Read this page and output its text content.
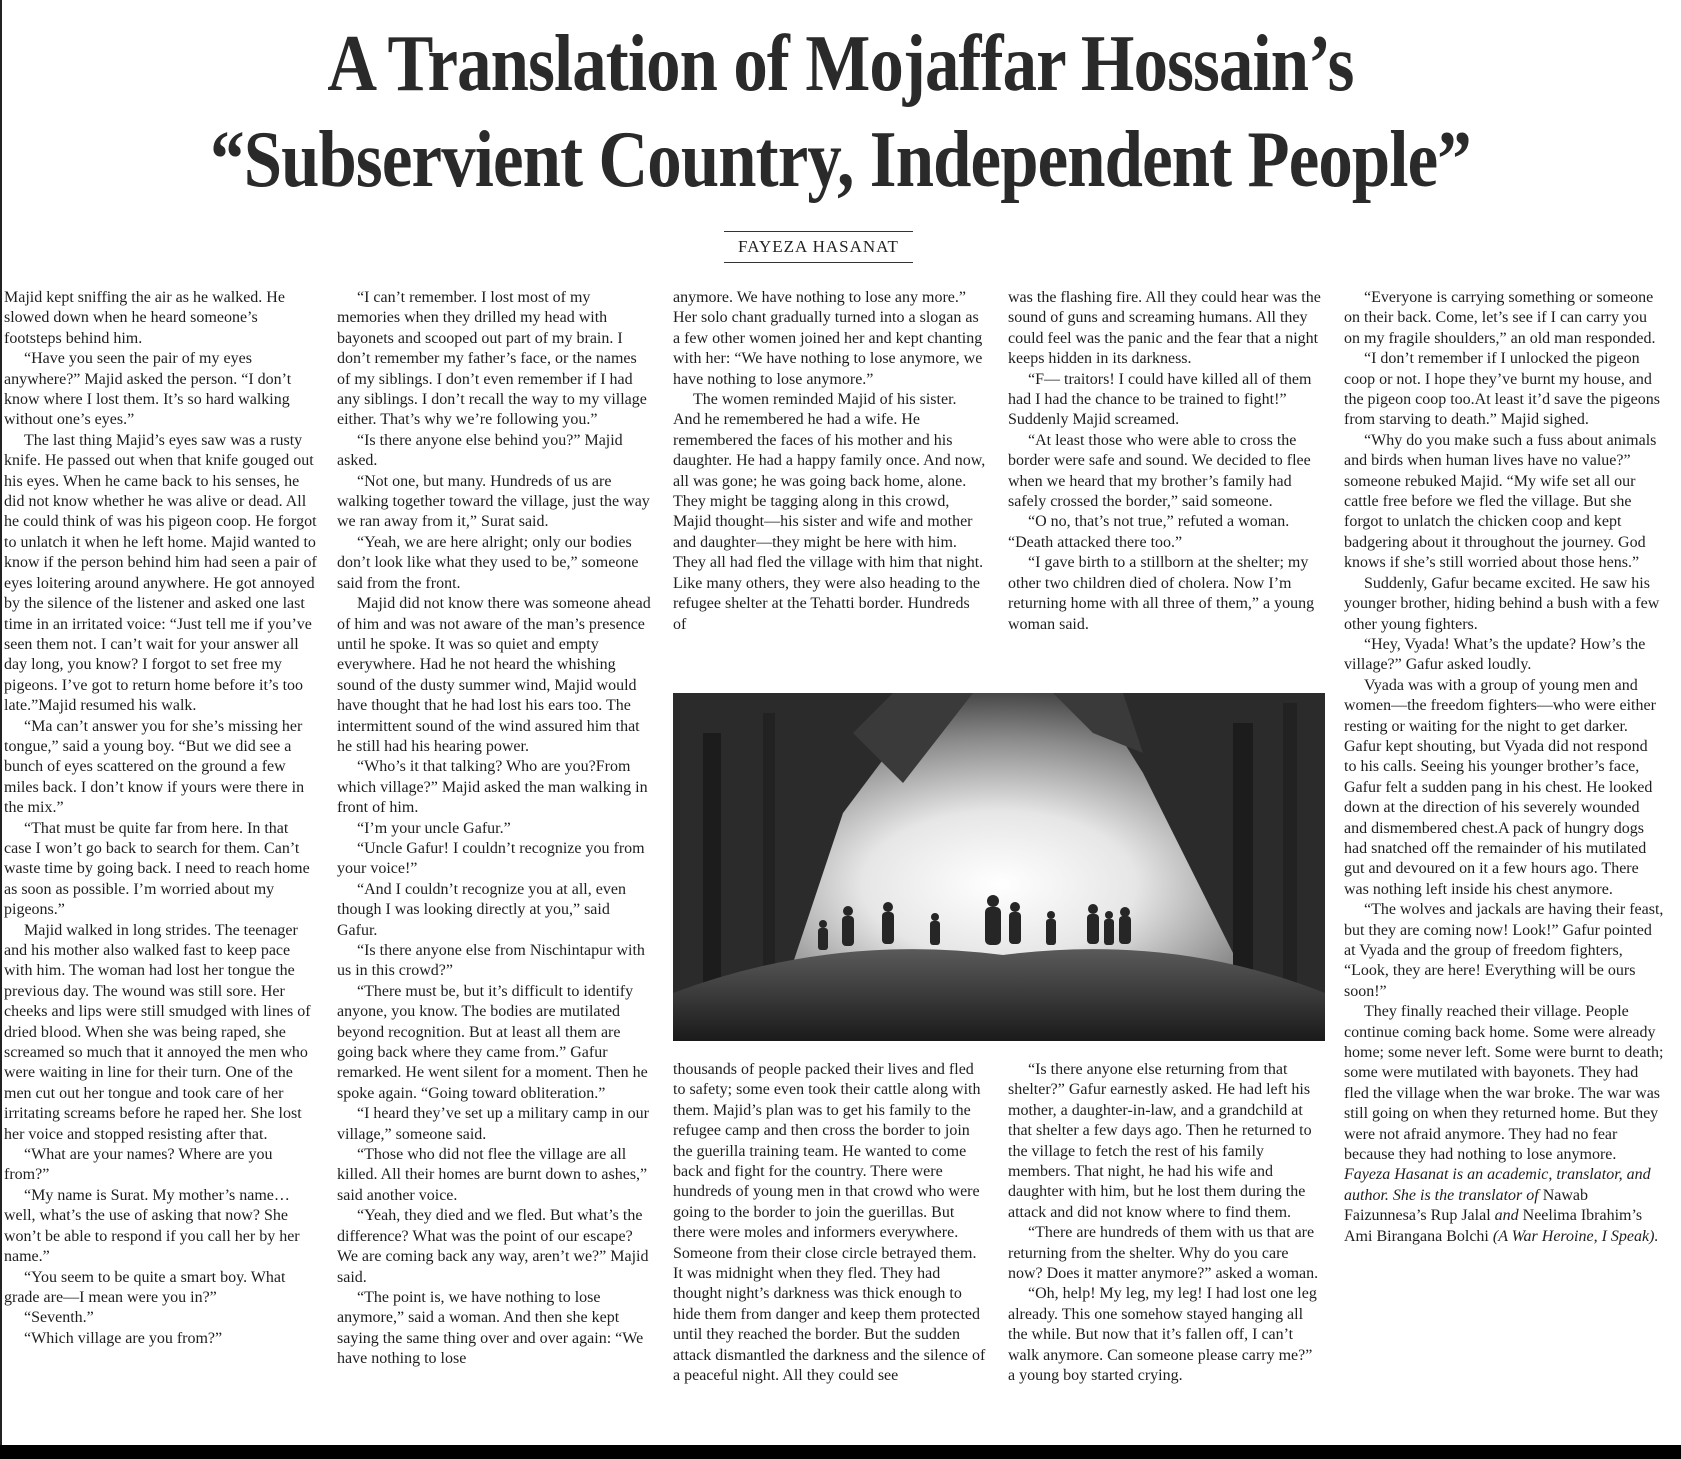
A Translation of Mojaffar Hossain’s
“Subservient Country, Independent People”
FAYEZA HASANAT

Majid kept sniffing the air as he walked. He slowed down when he heard someone’s footsteps behind him.

“Have you seen the pair of my eyes anywhere?” Majid asked the person. “I don’t know where I lost them. It’s so hard walking without one’s eyes.”

The last thing Majid’s eyes saw was a rusty knife. He passed out when that knife gouged out his eyes. When he came back to his senses, he did not know whether he was alive or dead. All he could think of was his pigeon coop. He forgot to unlatch it when he left home. Majid wanted to know if the person behind him had seen a pair of eyes loitering around anywhere. He got annoyed by the silence of the listener and asked one last time in an irritated voice: “Just tell me if you’ve seen them not. I can’t wait for your answer all day long, you know? I forgot to set free my pigeons. I’ve got to return home before it’s too late.”Majid resumed his walk.

“Ma can’t answer you for she’s missing her tongue,” said a young boy. “But we did see a bunch of eyes scattered on the ground a few miles back. I don’t know if yours were there in the mix.”

“That must be quite far from here. In that case I won’t go back to search for them. Can’t waste time by going back. I need to reach home as soon as possible. I’m worried about my pigeons.”

Majid walked in long strides. The teenager and his mother also walked fast to keep pace with him. The woman had lost her tongue the previous day. The wound was still sore. Her cheeks and lips were still smudged with lines of dried blood. When she was being raped, she screamed so much that it annoyed the men who were waiting in line for their turn. One of the men cut out her tongue and took care of her irritating screams before he raped her. She lost her voice and stopped resisting after that.

“What are your names? Where are you from?”

“My name is Surat. My mother’s name… well, what’s the use of asking that now? She won’t be able to respond if you call her by her name.”

“You seem to be quite a smart boy. What grade are—I mean were you in?”

“Seventh.”

“Which village are you from?”

“I can’t remember. I lost most of my memories when they drilled my head with bayonets and scooped out part of my brain. I don’t remember my father’s face, or the names of my siblings. I don’t even remember if I had any siblings. I don’t recall the way to my village either. That’s why we’re following you.”

“Is there anyone else behind you?” Majid asked.

“Not one, but many. Hundreds of us are walking together toward the village, just the way we ran away from it,” Surat said.

“Yeah, we are here alright; only our bodies don’t look like what they used to be,” someone said from the front.

Majid did not know there was someone ahead of him and was not aware of the man’s presence until he spoke. It was so quiet and empty everywhere. Had he not heard the whishing sound of the dusty summer wind, Majid would have thought that he had lost his ears too. The intermittent sound of the wind assured him that he still had his hearing power.

“Who’s it that talking? Who are you?From which village?” Majid asked the man walking in front of him.

“I’m your uncle Gafur.”

“Uncle Gafur! I couldn’t recognize you from your voice!”

“And I couldn’t recognize you at all, even though I was looking directly at you,” said Gafur.

“Is there anyone else from Nischintapur with us in this crowd?”

“There must be, but it’s difficult to identify anyone, you know. The bodies are mutilated beyond recognition. But at least all them are going back where they came from.” Gafur remarked. He went silent for a moment. Then he spoke again. “Going toward obliteration.”

“I heard they’ve set up a military camp in our village,” someone said.

“Those who did not flee the village are all killed. All their homes are burnt down to ashes,” said another voice.

“Yeah, they died and we fled. But what’s the difference? What was the point of our escape? We are coming back any way, aren’t we?” Majid said.

“The point is, we have nothing to lose anymore,” said a woman. And then she kept saying the same thing over and over again: “We have nothing to lose

anymore. We have nothing to lose any more.” Her solo chant gradually turned into a slogan as a few other women joined her and kept chanting with her: “We have nothing to lose anymore, we have nothing to lose anymore.”

The women reminded Majid of his sister. And he remembered he had a wife. He remembered the faces of his mother and his daughter. He had a happy family once. And now, all was gone; he was going back home, alone. They might be tagging along in this crowd, Majid thought—his sister and wife and mother and daughter—they might be here with him. They all had fled the village with him that night. Like many others, they were also heading to the refugee shelter at the Tehatti border. Hundreds of

was the flashing fire. All they could hear was the sound of guns and screaming humans. All they could feel was the panic and the fear that a night keeps hidden in its darkness.

“F— traitors! I could have killed all of them had I had the chance to be trained to fight!” Suddenly Majid screamed.

“At least those who were able to cross the border were safe and sound. We decided to flee when we heard that my brother’s family had safely crossed the border,” said someone.

“O no, that’s not true,” refuted a woman. “Death attacked there too.”

“I gave birth to a stillborn at the shelter; my other two children died of cholera. Now I’m returning home with all three of them,” a young woman said.

“Everyone is carrying something or someone on their back. Come, let’s see if I can carry you on my fragile shoulders,” an old man responded.

“I don’t remember if I unlocked the pigeon coop or not. I hope they’ve burnt my house, and the pigeon coop too.At least it’d save the pigeons from starving to death.” Majid sighed.

“Why do you make such a fuss about animals and birds when human lives have no value?” someone rebuked Majid. “My wife set all our cattle free before we fled the village. But she forgot to unlatch the chicken coop and kept badgering about it throughout the journey. God knows if she’s still worried about those hens.”

Suddenly, Gafur became excited. He saw his younger brother, hiding behind a bush with a few other young fighters.

“Hey, Vyada! What’s the update? How’s the village?” Gafur asked loudly.

Vyada was with a group of young men and women—the freedom fighters—who were either resting or waiting for the night to get darker. Gafur kept shouting, but Vyada did not respond to his calls. Seeing his younger brother’s face, Gafur felt a sudden pang in his chest. He looked down at the direction of his severely wounded and dismembered chest.A pack of hungry dogs had snatched off the remainder of his mutilated gut and devoured on it a few hours ago. There was nothing left inside his chest anymore.

“The wolves and jackals are having their feast, but they are coming now! Look!” Gafur pointed at Vyada and the group of freedom fighters, “Look, they are here! Everything will be ours soon!”

They finally reached their village. People continue coming back home. Some were already home; some never left. Some were burnt to death; some were mutilated with bayonets. They had fled the village when the war broke. The war was still going on when they returned home. But they were not afraid anymore. They had no fear because they had nothing to lose anymore.

Fayeza Hasanat is an academic, translator, and author. She is the translator of Nawab Faizunnesa’s Rup Jalal and Neelima Ibrahim’s Ami Birangana Bolchi (A War Heroine, I Speak).

thousands of people packed their lives and fled to safety; some even took their cattle along with them. Majid’s plan was to get his family to the refugee camp and then cross the border to join the guerilla training team. He wanted to come back and fight for the country. There were hundreds of young men in that crowd who were going to the border to join the guerillas. But there were moles and informers everywhere. Someone from their close circle betrayed them. It was midnight when they fled. They had thought night’s darkness was thick enough to hide them from danger and keep them protected until they reached the border. But the sudden attack dismantled the darkness and the silence of a peaceful night. All they could see

“Is there anyone else returning from that shelter?” Gafur earnestly asked. He had left his mother, a daughter-in-law, and a grandchild at that shelter a few days ago. Then he returned to the village to fetch the rest of his family members. That night, he had his wife and daughter with him, but he lost them during the attack and did not know where to find them.

“There are hundreds of them with us that are returning from the shelter. Why do you care now? Does it matter anymore?” asked a woman.

“Oh, help! My leg, my leg! I had lost one leg already. This one somehow stayed hanging all the while. But now that it’s fallen off, I can’t walk anymore. Can someone please carry me?” a young boy started crying.
